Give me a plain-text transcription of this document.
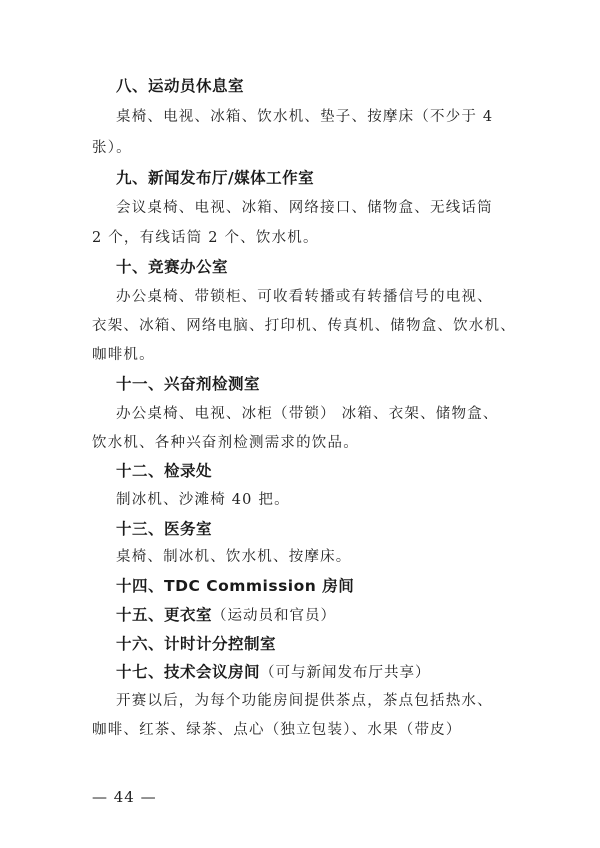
八、运动员休息室
桌椅、电视、冰箱、饮水机、垫子、按摩床（不少于 4
张）。
九、新闻发布厅/媒体工作室
会议桌椅、电视、冰箱、网络接口、储物盒、无线话筒
2 个，有线话筒 2 个、饮水机。
十、竞赛办公室
办公桌椅、带锁柜、可收看转播或有转播信号的电视、
衣架、冰箱、网络电脑、打印机、传真机、储物盒、饮水机、
咖啡机。
十一、兴奋剂检测室
办公桌椅、电视、冰柜（带锁） 冰箱、衣架、储物盒、
饮水机、各种兴奋剂检测需求的饮品。
十二、检录处
制冰机、沙滩椅 40 把。
十三、医务室
桌椅、制冰机、饮水机、按摩床。
十四、TDC Commission 房间
十五、更衣室（运动员和官员）
十六、计时计分控制室
十七、技术会议房间（可与新闻发布厅共享）
开赛以后，为每个功能房间提供茶点，茶点包括热水、
咖啡、红茶、绿茶、点心（独立包装）、水果（带皮）
— 44 —
